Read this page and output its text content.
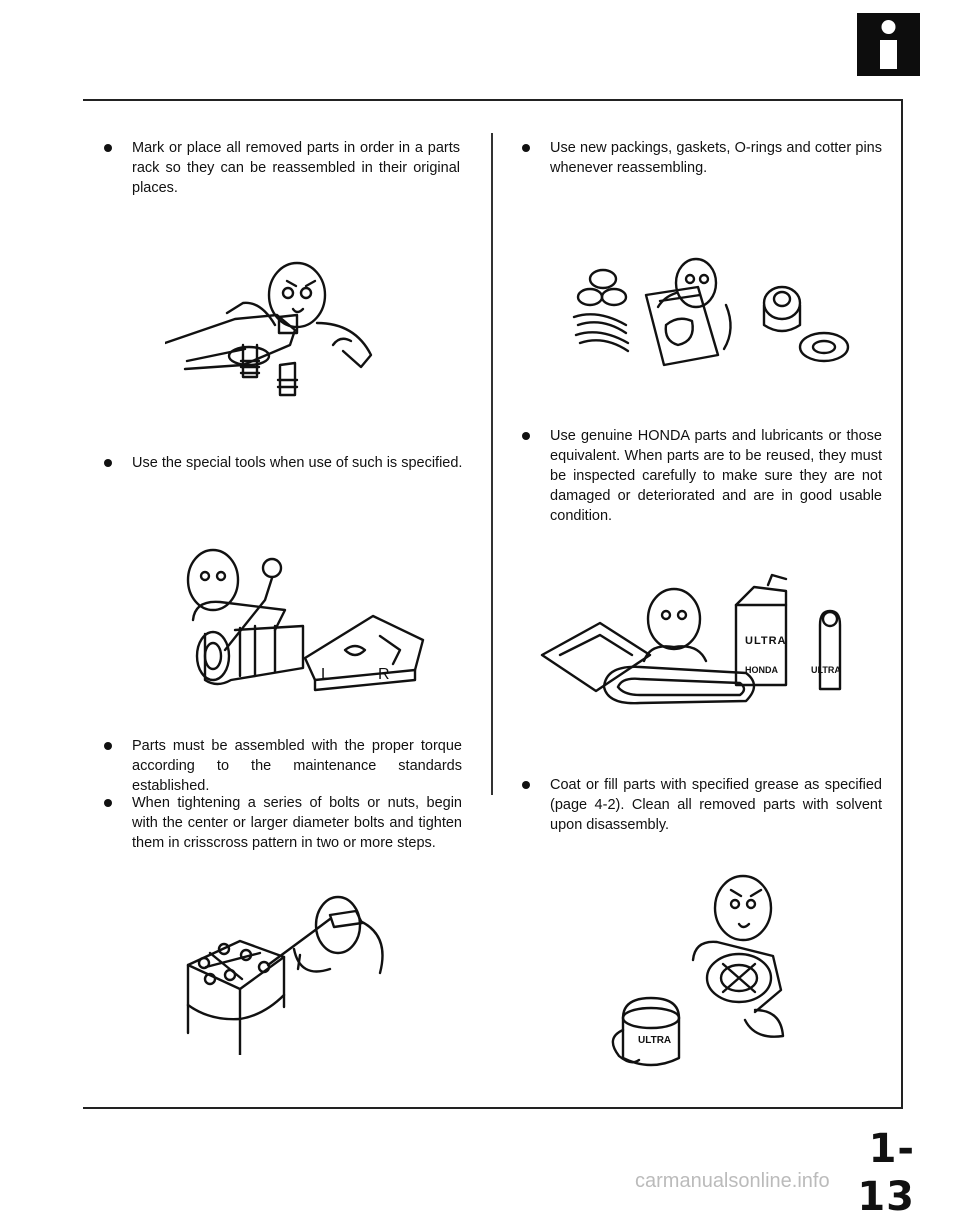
Mark or place all removed parts in order in a parts rack so they can be reassembled in their original places.
Use the special tools when use of such is specified.
L	R
Parts must be assembled with the proper torque according to the maintenance standards established.
When tightening a series of bolts or nuts, begin with the center or larger diameter bolts and tighten them in crisscross pattern in two or more steps.
Use new packings, gaskets, O-rings and cotter pins whenever reassembling.
Use genuine HONDA parts and lubricants or those equivalent. When parts are to be reused, they must be inspected carefully to make sure they are not damaged or deteriorated and are in good usable condition.
ULTRA
ULTRA
HONDA
Coat or fill parts with specified grease as specified (page 4-2). Clean all removed parts with solvent upon disassembly.
ULTRA
1-13
carmanualsonline.info
